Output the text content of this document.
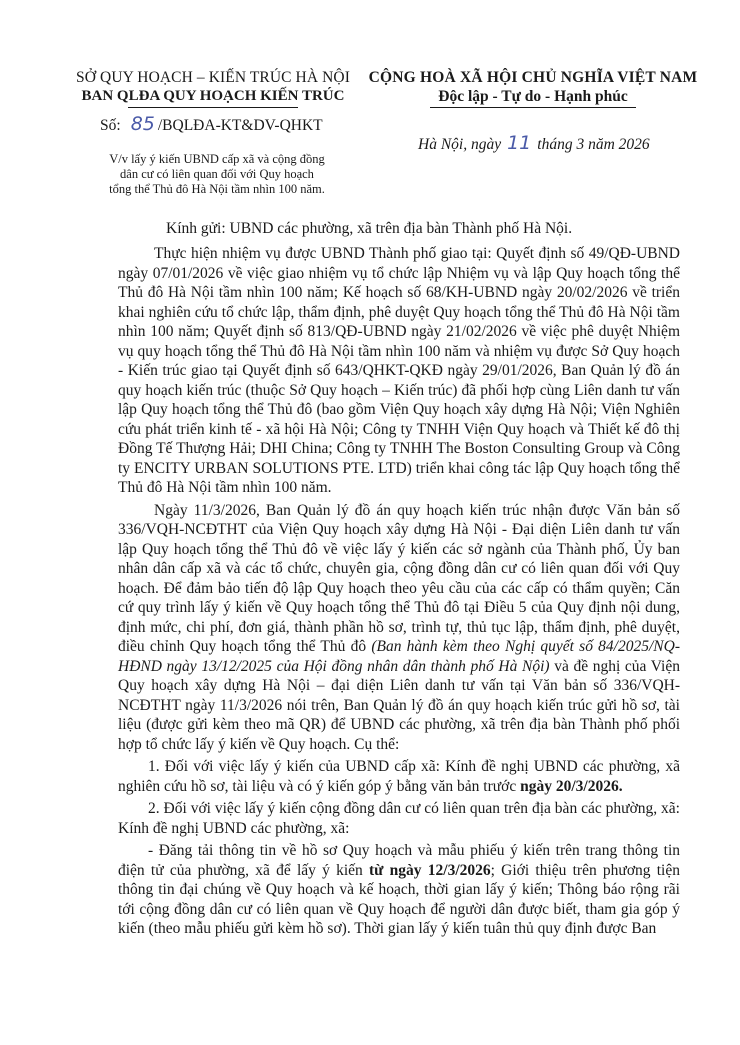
SỞ QUY HOẠCH – KIẾN TRÚC HÀ NỘI
BAN QLĐA QUY HOẠCH KIẾN TRÚC
CỘNG HOÀ XÃ HỘI CHỦ NGHĨA VIỆT NAM
Độc lập - Tự do - Hạnh phúc
Số: 85 /BQLĐA-KT&DV-QHKT
Hà Nội, ngày 11 tháng 3 năm 2026
V/v lấy ý kiến UBND cấp xã và cộng đồng
dân cư có liên quan đối với Quy hoạch
tổng thể Thủ đô Hà Nội tầm nhìn 100 năm.
Kính gửi: UBND các phường, xã trên địa bàn Thành phố Hà Nội.

Thực hiện nhiệm vụ được UBND Thành phố giao tại: Quyết định số 49/QĐ-UBND ngày 07/01/2026 về việc giao nhiệm vụ tổ chức lập Nhiệm vụ và lập Quy hoạch tổng thể Thủ đô Hà Nội tầm nhìn 100 năm; Kế hoạch số 68/KH-UBND ngày 20/02/2026 về triển khai nghiên cứu tổ chức lập, thẩm định, phê duyệt Quy hoạch tổng thể Thủ đô Hà Nội tầm nhìn 100 năm; Quyết định số 813/QĐ-UBND ngày 21/02/2026 về việc phê duyệt Nhiệm vụ quy hoạch tổng thể Thủ đô Hà Nội tầm nhìn 100 năm và nhiệm vụ được Sở Quy hoạch - Kiến trúc giao tại Quyết định số 643/QHKT-QKĐ ngày 29/01/2026, Ban Quản lý đồ án quy hoạch kiến trúc (thuộc Sở Quy hoạch – Kiến trúc) đã phối hợp cùng Liên danh tư vấn lập Quy hoạch tổng thể Thủ đô (bao gồm Viện Quy hoạch xây dựng Hà Nội; Viện Nghiên cứu phát triển kinh tế - xã hội Hà Nội; Công ty TNHH Viện Quy hoạch và Thiết kế đô thị Đồng Tế Thượng Hải; DHI China; Công ty TNHH The Boston Consulting Group và Công ty ENCITY URBAN SOLUTIONS PTE. LTD) triển khai công tác lập Quy hoạch tổng thể Thủ đô Hà Nội tầm nhìn 100 năm.

Ngày 11/3/2026, Ban Quản lý đồ án quy hoạch kiến trúc nhận được Văn bản số 336/VQH-NCĐTHT của Viện Quy hoạch xây dựng Hà Nội - Đại diện Liên danh tư vấn lập Quy hoạch tổng thể Thủ đô về việc lấy ý kiến các sở ngành của Thành phố, Ủy ban nhân dân cấp xã và các tổ chức, chuyên gia, cộng đồng dân cư có liên quan đối với Quy hoạch. Để đảm bảo tiến độ lập Quy hoạch theo yêu cầu của các cấp có thẩm quyền; Căn cứ quy trình lấy ý kiến về Quy hoạch tổng thể Thủ đô tại Điều 5 của Quy định nội dung, định mức, chi phí, đơn giá, thành phần hồ sơ, trình tự, thủ tục lập, thẩm định, phê duyệt, điều chỉnh Quy hoạch tổng thể Thủ đô (Ban hành kèm theo Nghị quyết số 84/2025/NQ-HĐND ngày 13/12/2025 của Hội đồng nhân dân thành phố Hà Nội) và đề nghị của Viện Quy hoạch xây dựng Hà Nội – đại diện Liên danh tư vấn tại Văn bản số 336/VQH-NCĐTHT ngày 11/3/2026 nói trên, Ban Quản lý đồ án quy hoạch kiến trúc gửi hồ sơ, tài liệu (được gửi kèm theo mã QR) để UBND các phường, xã trên địa bàn Thành phố phối hợp tổ chức lấy ý kiến về Quy hoạch. Cụ thể:

1. Đối với việc lấy ý kiến của UBND cấp xã: Kính đề nghị UBND các phường, xã nghiên cứu hồ sơ, tài liệu và có ý kiến góp ý bằng văn bản trước ngày 20/3/2026.

2. Đối với việc lấy ý kiến cộng đồng dân cư có liên quan trên địa bàn các phường, xã: Kính đề nghị UBND các phường, xã:

- Đăng tải thông tin về hồ sơ Quy hoạch và mẫu phiếu ý kiến trên trang thông tin điện tử của phường, xã để lấy ý kiến từ ngày 12/3/2026; Giới thiệu trên phương tiện thông tin đại chúng về Quy hoạch và kế hoạch, thời gian lấy ý kiến; Thông báo rộng rãi tới cộng đồng dân cư có liên quan về Quy hoạch để người dân được biết, tham gia góp ý kiến (theo mẫu phiếu gửi kèm hồ sơ). Thời gian lấy ý kiến tuân thủ quy định được Ban
